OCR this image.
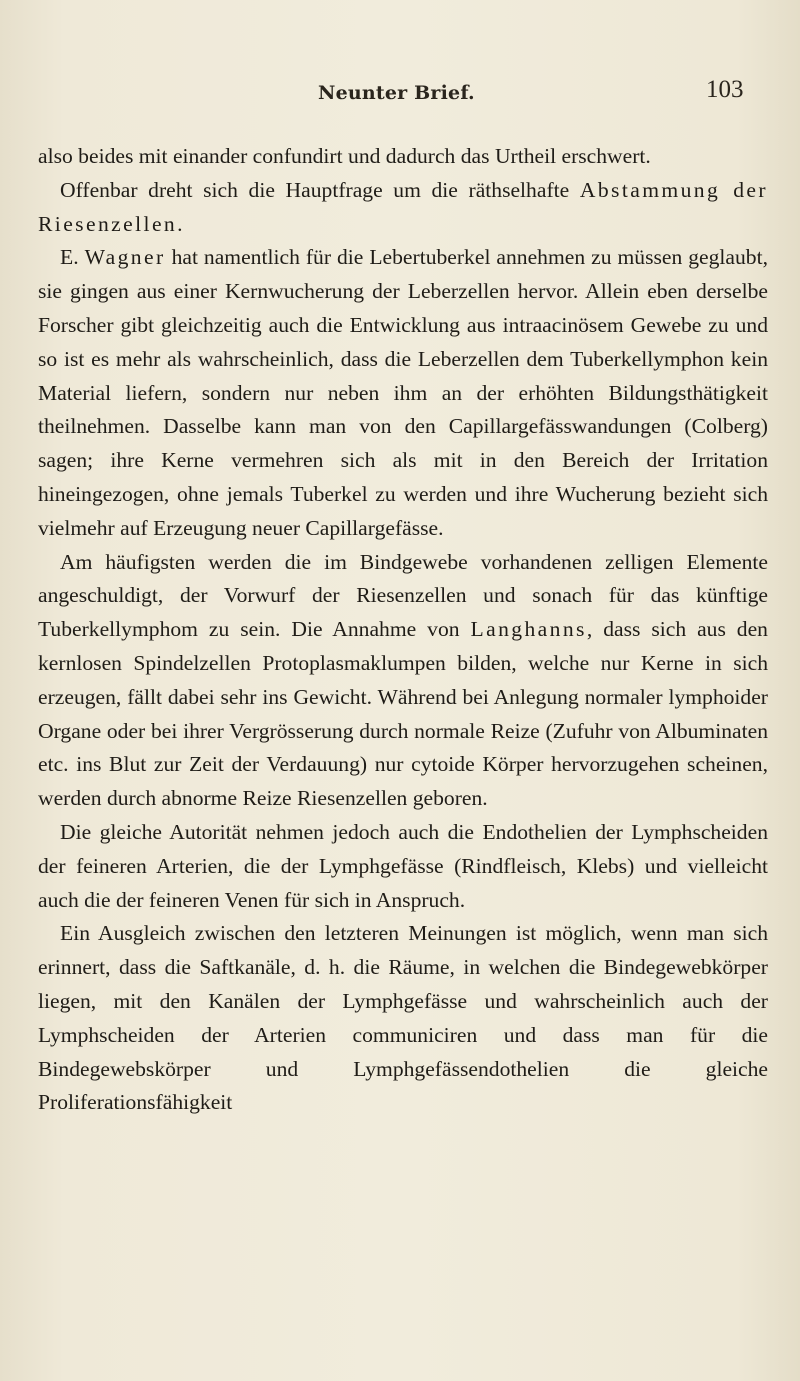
Neunter Brief.	103

also beides mit einander confundirt und dadurch das Urtheil erschwert.

Offenbar dreht sich die Hauptfrage um die räthselhafte Abstammung der Riesenzellen.

E. Wagner hat namentlich für die Lebertuberkel annehmen zu müssen geglaubt, sie gingen aus einer Kernwucherung der Leberzellen hervor. Allein eben derselbe Forscher gibt gleichzeitig auch die Entwicklung aus intraacinösem Gewebe zu und so ist es mehr als wahrscheinlich, dass die Leberzellen dem Tuberkellymphon kein Material liefern, sondern nur neben ihm an der erhöhten Bildungsthätigkeit theilnehmen. Dasselbe kann man von den Capillargefässwandungen (Colberg) sagen; ihre Kerne vermehren sich als mit in den Bereich der Irritation hineingezogen, ohne jemals Tuberkel zu werden und ihre Wucherung bezieht sich vielmehr auf Erzeugung neuer Capillargefässe.

Am häufigsten werden die im Bindgewebe vorhandenen zelligen Elemente angeschuldigt, der Vorwurf der Riesenzellen und sonach für das künftige Tuberkellymphom zu sein. Die Annahme von Langhanns, dass sich aus den kernlosen Spindelzellen Protoplasmaklumpen bilden, welche nur Kerne in sich erzeugen, fällt dabei sehr ins Gewicht. Während bei Anlegung normaler lymphoider Organe oder bei ihrer Vergrösserung durch normale Reize (Zufuhr von Albuminaten etc. ins Blut zur Zeit der Verdauung) nur cytoide Körper hervorzugehen scheinen, werden durch abnorme Reize Riesenzellen geboren.

Die gleiche Autorität nehmen jedoch auch die Endothelien der Lymphscheiden der feineren Arterien, die der Lymphgefässe (Rindfleisch, Klebs) und vielleicht auch die der feineren Venen für sich in Anspruch.

Ein Ausgleich zwischen den letzteren Meinungen ist möglich, wenn man sich erinnert, dass die Saftkanäle, d. h. die Räume, in welchen die Bindegewebkörper liegen, mit den Kanälen der Lymphgefässe und wahrscheinlich auch der Lymphscheiden der Arterien communiciren und dass man für die Bindegewebskörper und Lymphgefässendothelien die gleiche Proliferationsfähigkeit
